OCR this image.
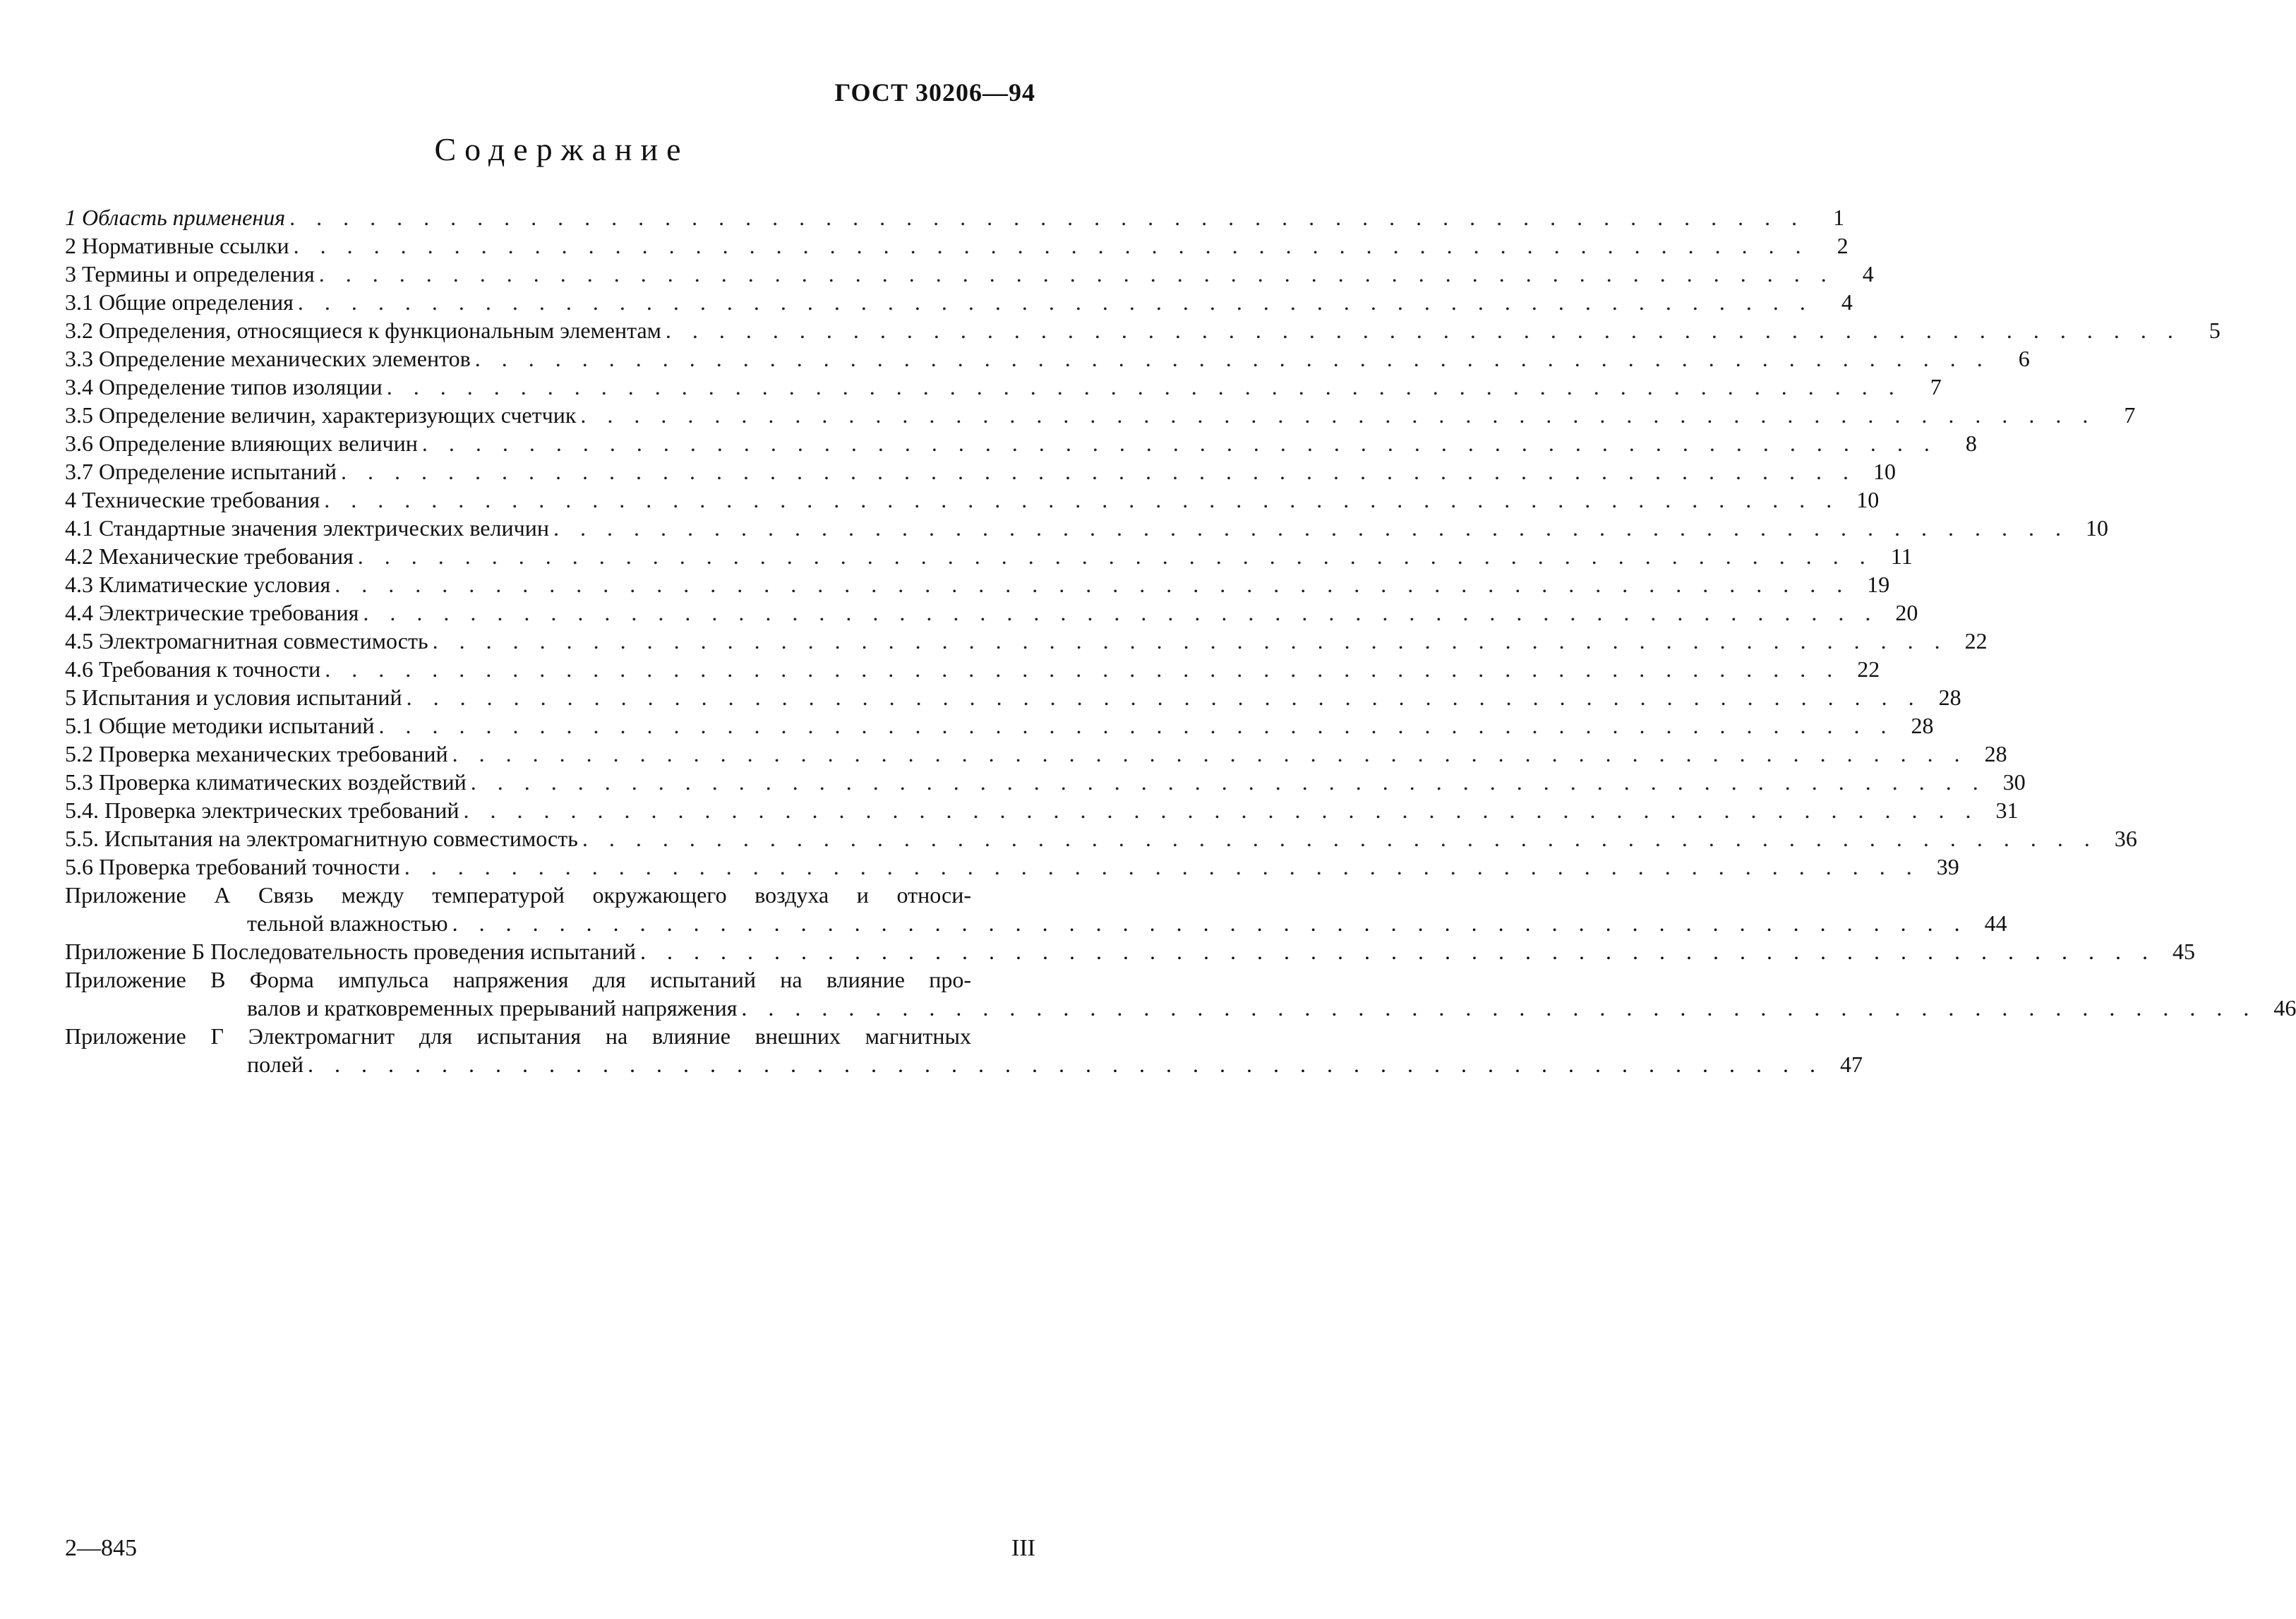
ГОСТ 30206—94
Содержание
1 Область применения . . . . . . . . . . . . . . . . . . . . . . . . . . . . . . . . . . . . . . . . . . . . . . . . . . . . . . . . .	1
2 Нормативные ссылки . . . . . . . . . . . . . . . . . . . . . . . . . . . . . . . . . . . . . . . . . . . . . . . . . . . . . . . . .	2
3 Термины и определения . . . . . . . . . . . . . . . . . . . . . . . . . . . . . . . . . . . . . . . . . . . . . . . . . . . . . . . . .	4
3.1 Общие определения . . . . . . . . . . . . . . . . . . . . . . . . . . . . . . . . . . . . . . . . . . . . . . . . . . . . . . . . .	4
3.2 Определения, относящиеся к функциональным элементам . . . . . . . . . . . . . . . . . . . . . . . . . . . . . . . . . . . . . . . . . . . . . . . . . . . . . . . . .	5
3.3 Определение механических элементов . . . . . . . . . . . . . . . . . . . . . . . . . . . . . . . . . . . . . . . . . . . . . . . . . . . . . . . . .	6
3.4 Определение типов изоляции . . . . . . . . . . . . . . . . . . . . . . . . . . . . . . . . . . . . . . . . . . . . . . . . . . . . . . . . .	7
3.5 Определение величин, характеризующих счетчик . . . . . . . . . . . . . . . . . . . . . . . . . . . . . . . . . . . . . . . . . . . . . . . . . . . . . . . . .	7
3.6 Определение влияющих величин . . . . . . . . . . . . . . . . . . . . . . . . . . . . . . . . . . . . . . . . . . . . . . . . . . . . . . . . .	8
3.7 Определение испытаний . . . . . . . . . . . . . . . . . . . . . . . . . . . . . . . . . . . . . . . . . . . . . . . . . . . . . . . . . 10
4 Технические требования . . . . . . . . . . . . . . . . . . . . . . . . . . . . . . . . . . . . . . . . . . . . . . . . . . . . . . . . . 10
4.1 Стандартные значения электрических величин . . . . . . . . . . . . . . . . . . . . . . . . . . . . . . . . . . . . . . . . . . . . . . . . . . . . . . . . . 10
4.2 Механические требования . . . . . . . . . . . . . . . . . . . . . . . . . . . . . . . . . . . . . . . . . . . . . . . . . . . . . . . . . 11
4.3 Климатические условия . . . . . . . . . . . . . . . . . . . . . . . . . . . . . . . . . . . . . . . . . . . . . . . . . . . . . . . . . 19
4.4 Электрические требования . . . . . . . . . . . . . . . . . . . . . . . . . . . . . . . . . . . . . . . . . . . . . . . . . . . . . . . . . 20
4.5 Электромагнитная совместимость . . . . . . . . . . . . . . . . . . . . . . . . . . . . . . . . . . . . . . . . . . . . . . . . . . . . . . . . . 22
4.6 Требования к точности . . . . . . . . . . . . . . . . . . . . . . . . . . . . . . . . . . . . . . . . . . . . . . . . . . . . . . . . . 22
5 Испытания и условия испытаний . . . . . . . . . . . . . . . . . . . . . . . . . . . . . . . . . . . . . . . . . . . . . . . . . . . . . . . . . 28
5.1 Общие методики испытаний . . . . . . . . . . . . . . . . . . . . . . . . . . . . . . . . . . . . . . . . . . . . . . . . . . . . . . . . . 28
5.2 Проверка механических требований . . . . . . . . . . . . . . . . . . . . . . . . . . . . . . . . . . . . . . . . . . . . . . . . . . . . . . . . . 28
5.3 Проверка климатических воздействий . . . . . . . . . . . . . . . . . . . . . . . . . . . . . . . . . . . . . . . . . . . . . . . . . . . . . . . . . 30
5.4. Проверка электрических требований . . . . . . . . . . . . . . . . . . . . . . . . . . . . . . . . . . . . . . . . . . . . . . . . . . . . . . . . . 31
5.5. Испытания на электромагнитную совместимость . . . . . . . . . . . . . . . . . . . . . . . . . . . . . . . . . . . . . . . . . . . . . . . . . . . . . . . . . 36
5.6 Проверка требований точности . . . . . . . . . . . . . . . . . . . . . . . . . . . . . . . . . . . . . . . . . . . . . . . . . . . . . . . . . 39
Приложение А Связь между температурой окружающего воздуха и относи-
тельной влажностью . . . . . . . . . . . . . . . . . . . . . . . . . . . . . . . . . . . . . . . . . . . . . . . . . . . . . . . . . 44
Приложение Б Последовательность проведения испытаний . . . . . . . . . . . . . . . . . . . . . . . . . . . . . . . . . . . . . . . . . . . . . . . . . . . . . . . . . 45
Приложение В Форма импульса напряжения для испытаний на влияние про-
валов и кратковременных прерываний напряжения . . . . . . . . . . . . . . . . . . . . . . . . . . . . . . . . . . . . . . . . . . . . . . . . . . . . . . . . . 46
Приложение Г Электромагнит для испытания на влияние внешних магнитных
полей . . . . . . . . . . . . . . . . . . . . . . . . . . . . . . . . . . . . . . . . . . . . . . . . . . . . . . . . . 47
2—845	III
